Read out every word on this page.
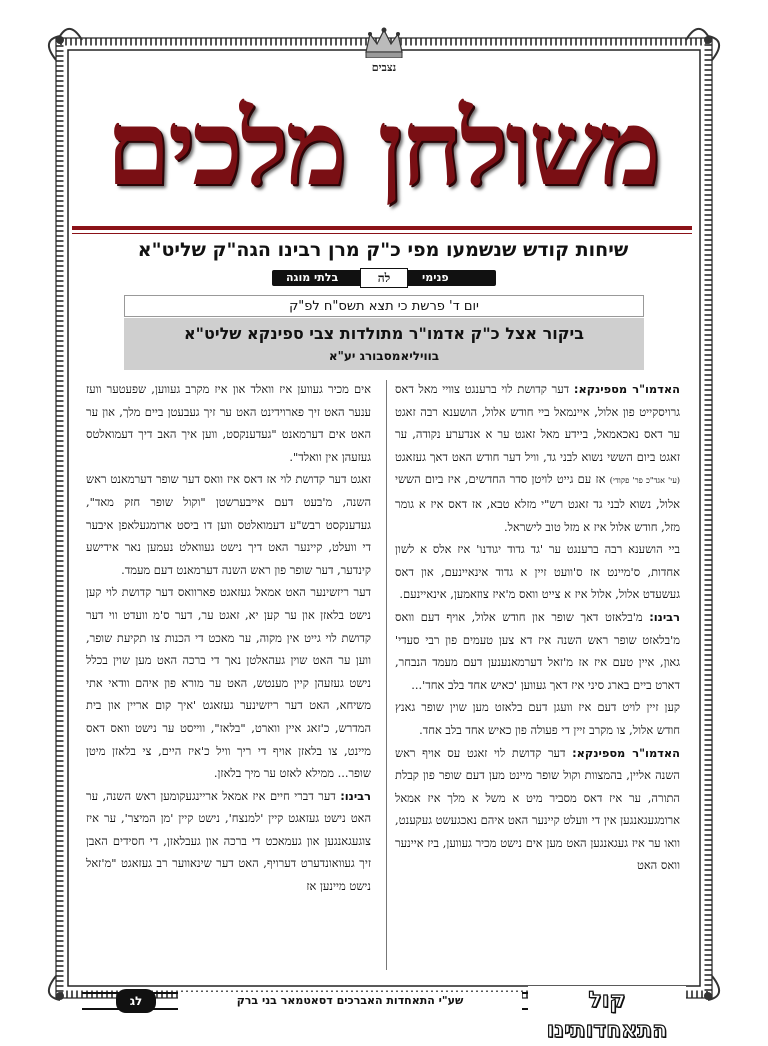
נצבים
משולחן מלכים
שיחות קודש שנשמעו מפי כ"ק מרן רבינו הגה"ק שליט"א
פנימי
לה
בלתי מוגה
יום ד' פרשת כי תצא תשס"ח לפ"ק
ביקור אצל כ"ק אדמו"ר מתולדות צבי ספינקא שליט"א
בוויליאמסבורג יע"א

האדמו"ר מספינקא: דער קדושת לוי ברענגט צוויי מאל דאס גרויסקייט פון אלול, איינמאל ביי חודש אלול, הושענא רבה זאגט ער דאס נאכאמאל, ביידע מאל זאגט ער א אנדערע נקודה, ער זאגט ביום הששי נשוא לבני גד, וויל דער חודש האט דאך געזאגט (עי' אגד"כ פר' פקודי) אז עם גייט לויטן סדר החדשים, איז ביום הששי אלול, נשוא לבני גד זאגט רש"י מזלא טבא, אז דאס איז א גומר מזל, חודש אלול איז א מזל טוב לישראל.

ביי הושענא רבה ברענגט ער 'גד גדוד יגודנו' איז אלס א לשון אחדות, ס'מיינט אז ס'וועט זיין א גדוד אינאיינעם, און דאס געשעדט אלול, אלול איז א צייט וואס מ'איז צוזאמען, אינאיינעם.

רבינו: מ'בלאזט דאך שופר און חודש אלול, אויף דעם וואס מ'בלאזט שופר ראש השנה איז דא צען טעמים פון רבי סעדי' גאון, איין טעם איז אז מ'זאל דערמאנענען דעם מעמד הנבחר, דארט ביים בארג סיני איז דאך געווען 'כאיש אחד בלב אחד'...

קען זיין לויט דעם איז וועגן דעם בלאזט מען שוין שופר גאנץ חודש אלול, צו מקרב זיין די פעולה פון כאיש אחד בלב אחד.

האדמו"ר מספינקא: דער קדושת לוי זאגט עס אויף ראש השנה אליין, בהמצוות וקול שופר מיינט מען דעם שופר פון קבלת התורה, ער איז דאס מסביר מיט א משל א מלך איז אמאל ארומגעגאנגען אין די וועלט קיינער האט איהם נאכגעשט געקענט, וואו ער איז געגאנגען האט מען אים נישט מכיר געווען, ביז איינער וואס האט

אים מכיר געווען איז וואלד און איז מקרב געווען, שפעטער וועז ענער האט זיך פארוידינט האט ער זיך געבעטן ביים מלך, און ער האט אים דערמאנט "געדענקסט, ווען איך האב דיך דעמואלטס געזעהן אין וואלד".

זאגט דער קדושת לוי אז דאס איז וואס דער שופר דערמאנט ראש השנה, מ'בעט דעם אייבערשטן "וקול שופר חזק מאד", געדענקסט רבש"ע דעמואלטס ווען דו ביסט ארומגעלאפן איבער די וועלט, קיינער האט דיך נישט געוואלט נעמען נאר אידישע קינדער, דער שופר פון ראש השנה דערמאנט דעם מעמד.

דער ריזשינער האט אמאל געזאגט פארוואס דער קדושת לוי קען נישט בלאזן און ער קען יא, זאגט ער, דער ס'מ וועדט ווי דער קדושת לוי גייט אין מקוה, ער מאכט די הכנות צו תקיעת שופר, ווען ער האט שוין געהאלטן נאך די ברכה האט מען שוין בכלל נישט געזעהן קיין מענטש, האט ער מורא פון איהם וודאי אתי משיחא, האט דער ריזשינער געזאגט 'איך קום אריין און בית המדרש, כ'זאג איין ווארט, "בלאז", ווייסט ער נישט וואס דאס מיינט, צו בלאזן אויף די ריך וויל כ'איז היים, צי בלאזן מיטן שופר... ממילא לאזט ער מיך בלאזן.

רבינו: דער דברי חיים איז אמאל אריינגעקומען ראש השנה, ער האט נישט געזאגט קיין 'למנצח', נישט קיין 'מן המיצר', ער איז צוגעגאנגען און געמאכט די ברכה און געבלאזן, די חסידים האבן זיך געוואונדערט דערויף, האט דער שינאווער רב געזאגט "מ'זאל נישט מיינען אז

שע"י התאחדות האברכים דסאטמאר בני ברק	קול התאחדותינו
לג
